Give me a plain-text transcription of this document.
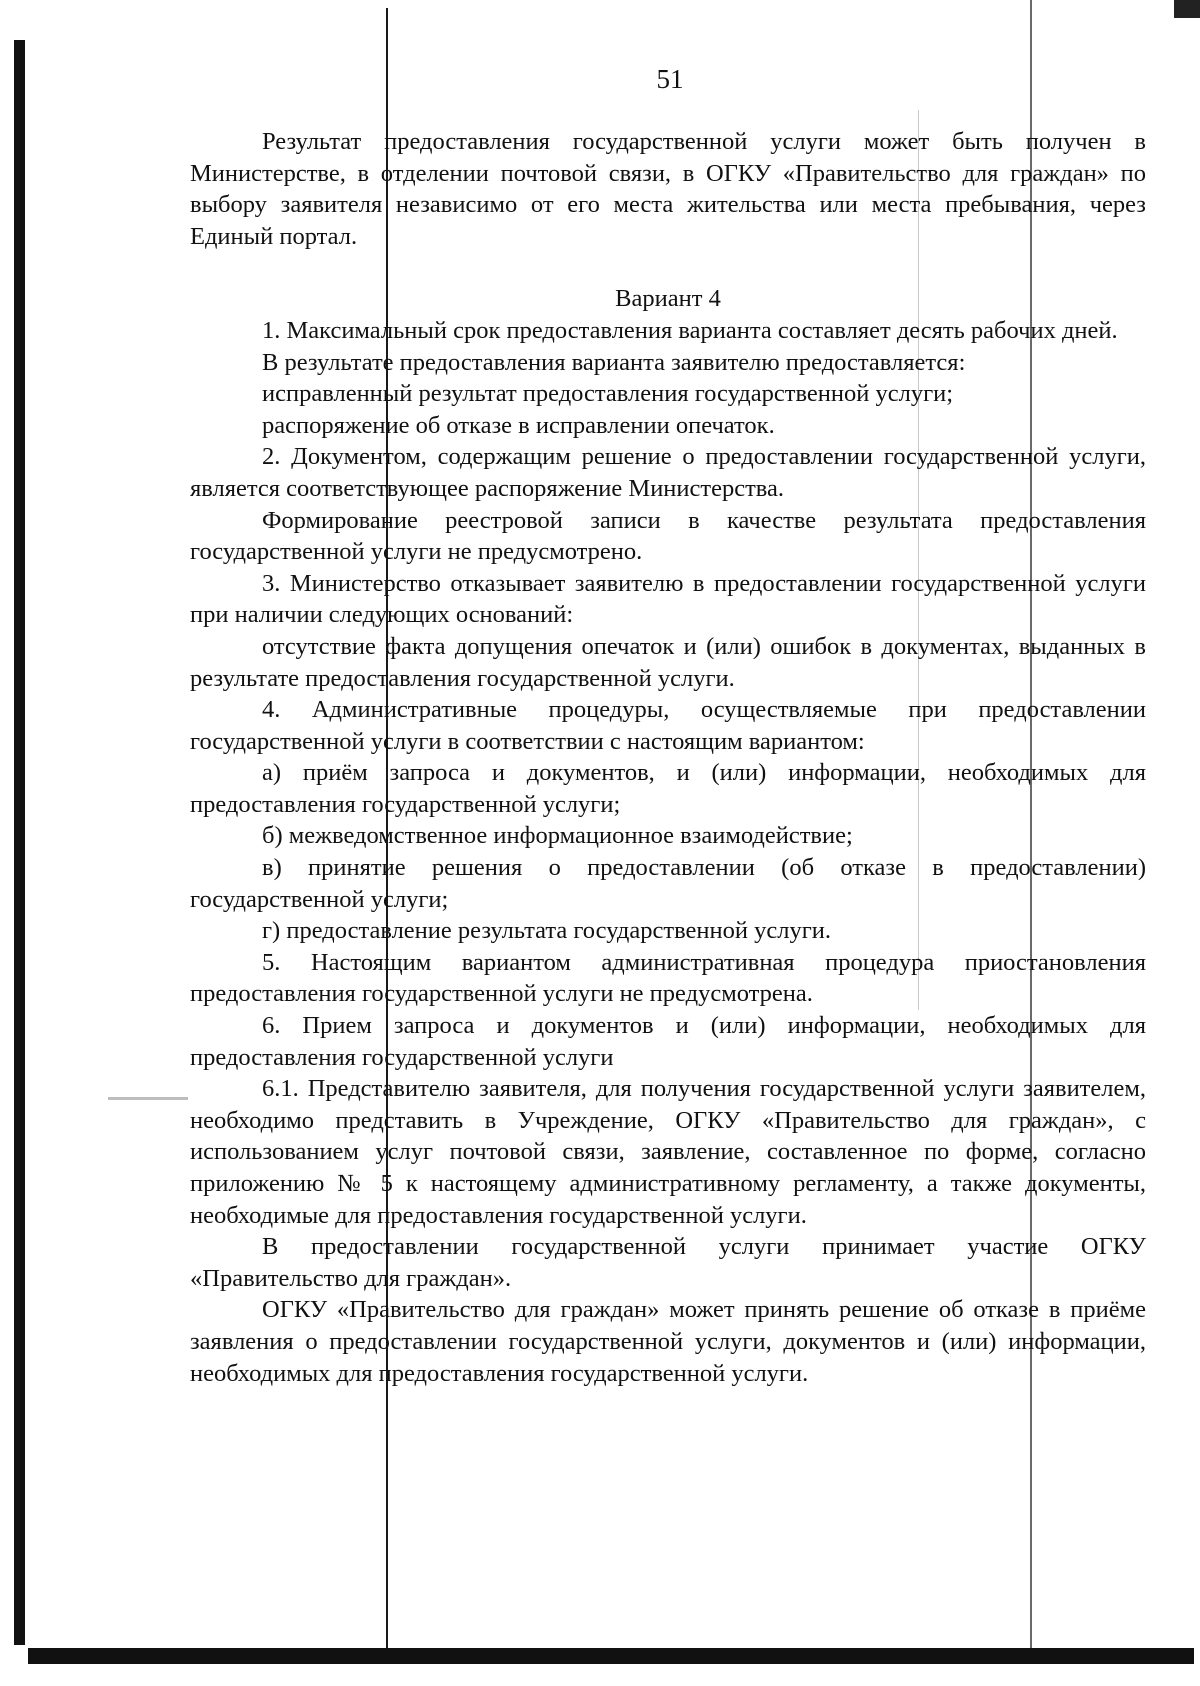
51

Результат предоставления государственной услуги может быть получен в Министерстве, в отделении почтовой связи, в ОГКУ «Правительство для граждан» по выбору заявителя независимо от его места жительства или места пребывания, через Единый портал.

Вариант 4

1. Максимальный срок предоставления варианта составляет десять рабочих дней.

В результате предоставления варианта заявителю предоставляется:

исправленный результат предоставления государственной услуги;

распоряжение об отказе в исправлении опечаток.

2. Документом, содержащим решение о предоставлении государственной услуги, является соответствующее распоряжение Министерства.

Формирование реестровой записи в качестве результата предоставления государственной услуги не предусмотрено.

3. Министерство отказывает заявителю в предоставлении государственной услуги при наличии следующих оснований:

отсутствие факта допущения опечаток и (или) ошибок в документах, выданных в результате предоставления государственной услуги.

4. Административные процедуры, осуществляемые при предоставлении государственной услуги в соответствии с настоящим вариантом:

а) приём запроса и документов, и (или) информации, необходимых для предоставления государственной услуги;

б) межведомственное информационное взаимодействие;

в) принятие решения о предоставлении (об отказе в предоставлении) государственной услуги;

г) предоставление результата государственной услуги.

5. Настоящим вариантом административная процедура приостановления предоставления государственной услуги не предусмотрена.

6. Прием запроса и документов и (или) информации, необходимых для предоставления государственной услуги

6.1. Представителю заявителя, для получения государственной услуги заявителем, необходимо представить в Учреждение, ОГКУ «Правительство для граждан», с использованием услуг почтовой связи, заявление, составленное по форме, согласно приложению № 5 к настоящему административному регламенту, а также документы, необходимые для предоставления государственной услуги.

В предоставлении государственной услуги принимает участие ОГКУ «Правительство для граждан».

ОГКУ «Правительство для граждан» может принять решение об отказе в приёме заявления о предоставлении государственной услуги, документов и (или) информации, необходимых для предоставления государственной услуги.
